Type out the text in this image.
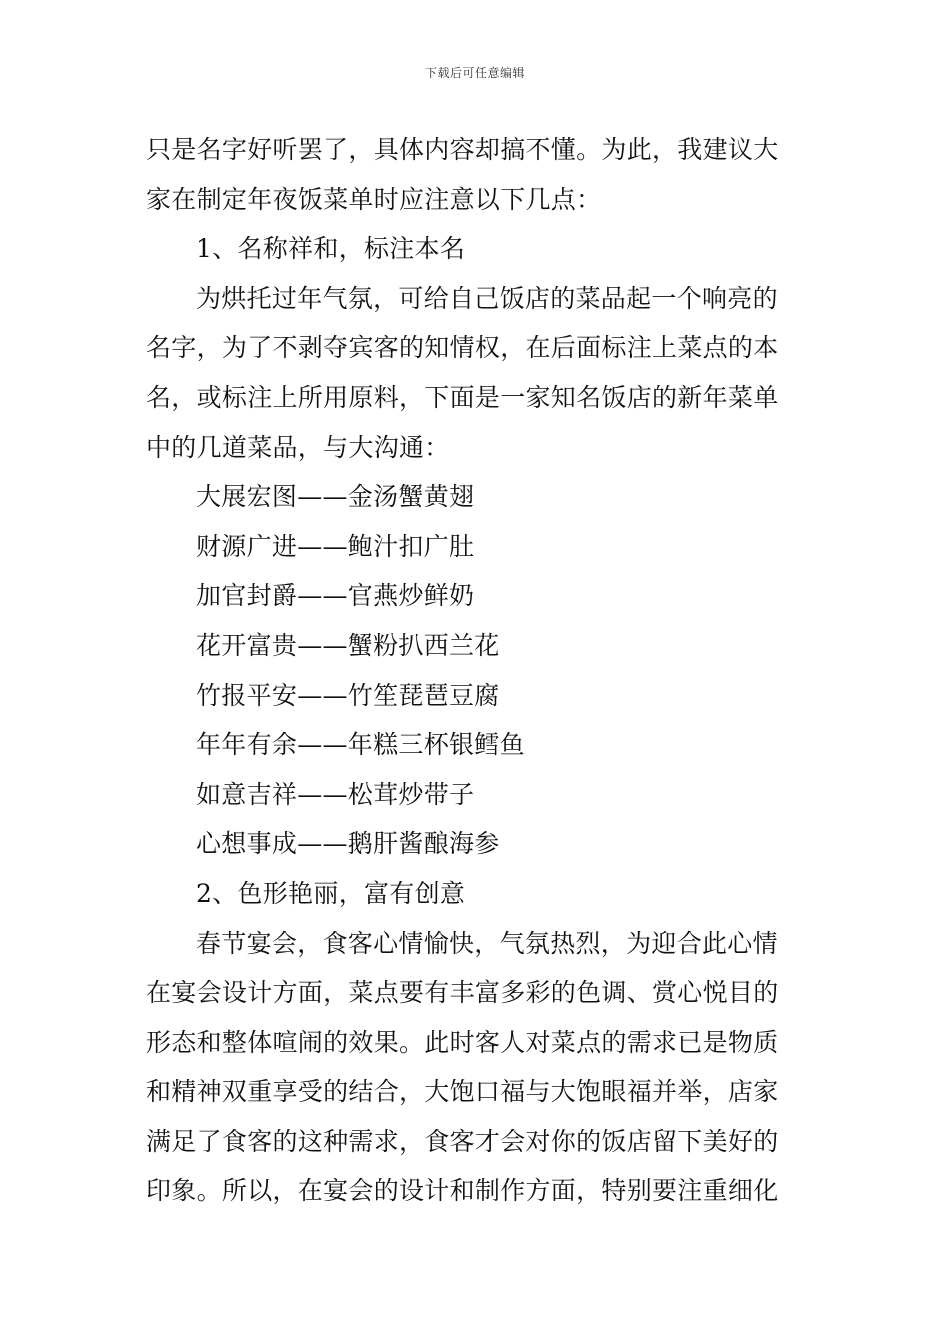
下载后可任意编辑

只是名字好听罢了，具体内容却搞不懂。为此，我建议大

家在制定年夜饭菜单时应注意以下几点：

1、名称祥和，标注本名

为烘托过年气氛，可给自己饭店的菜品起一个响亮的

名字，为了不剥夺宾客的知情权，在后面标注上菜点的本

名，或标注上所用原料，下面是一家知名饭店的新年菜单

中的几道菜品，与大沟通：

大展宏图——金汤蟹黄翅

财源广进——鲍汁扣广肚

加官封爵——官燕炒鲜奶

花开富贵——蟹粉扒西兰花

竹报平安——竹笙琵琶豆腐

年年有余——年糕三杯银鳕鱼

如意吉祥——松茸炒带子

心想事成——鹅肝酱酿海参

2、色形艳丽，富有创意

春节宴会，食客心情愉快，气氛热烈，为迎合此心情

在宴会设计方面，菜点要有丰富多彩的色调、赏心悦目的

形态和整体喧闹的效果。此时客人对菜点的需求已是物质

和精神双重享受的结合，大饱口福与大饱眼福并举，店家

满足了食客的这种需求，食客才会对你的饭店留下美好的

印象。所以，在宴会的设计和制作方面，特别要注重细化
